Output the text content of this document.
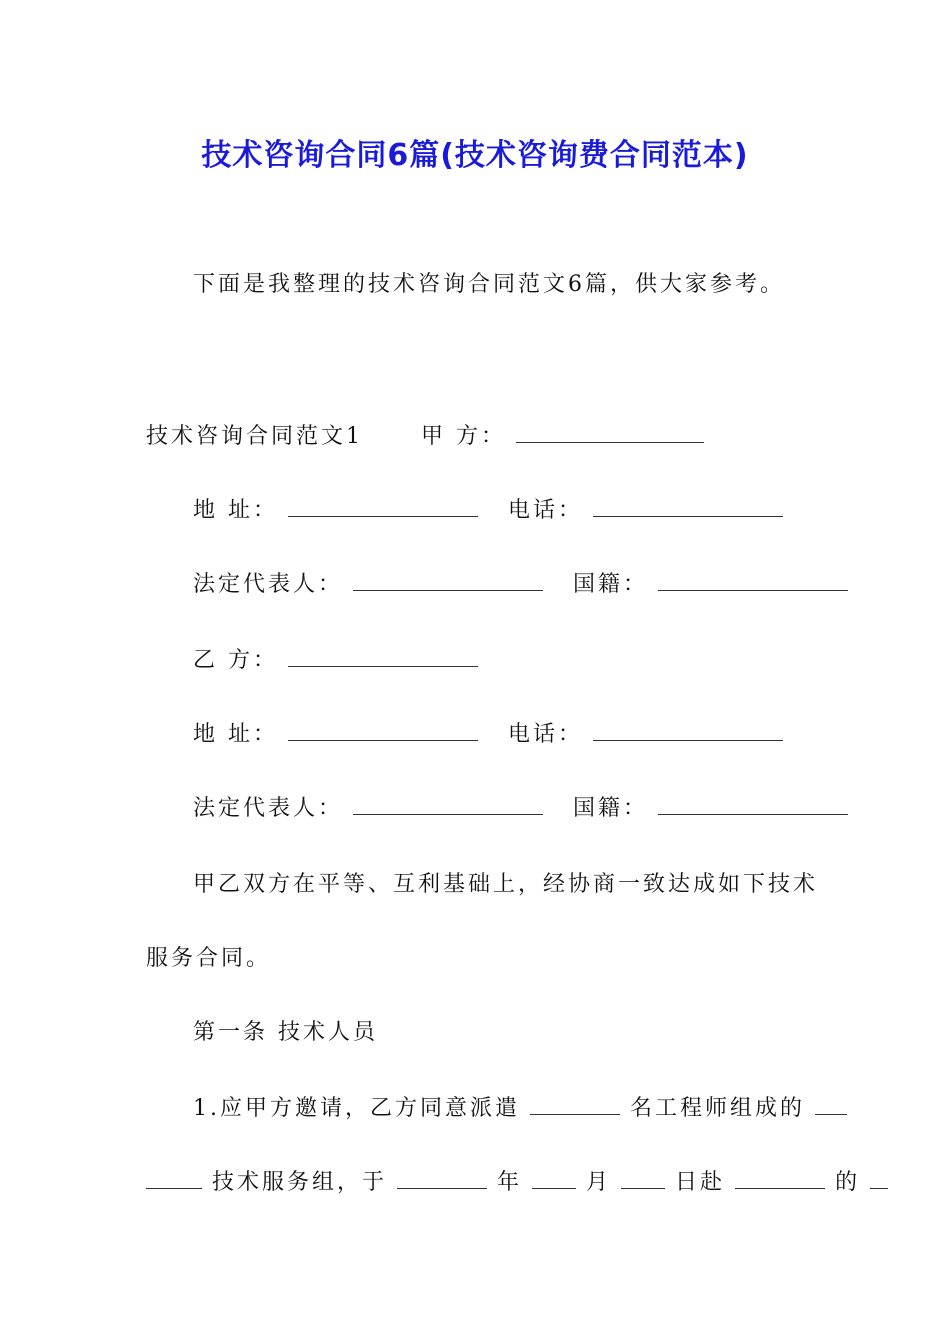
技术咨询合同6篇(技术咨询费合同范本)
下面是我整理的技术咨询合同范文6篇，供大家参考。
技术咨询合同范文1	甲 方：
地 址：	电话：
法定代表人：	国籍：
乙 方：
地 址：	电话：
法定代表人：	国籍：
甲乙双方在平等、互利基础上，经协商一致达成如下技术
服务合同。
第一条 技术人员
1.应甲方邀请，乙方同意派遣	名工程师组成的
技术服务组，于	年	月	日赴	的
